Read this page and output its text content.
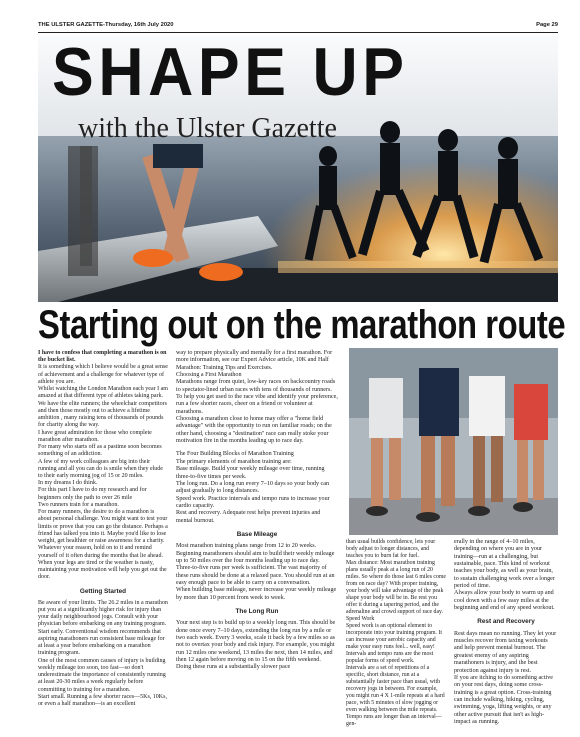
THE ULSTER GAZETTE-Thursday, 16th July 2020	Page 29
SHAPE UP
with the Ulster Gazette
Starting out on the marathon route

I have to confess that completing a marathon is on the bucket list.

It is something which I believe would be a great sense of achievement and a challenge for whatever type of athlete you are.

Whilst watching the London Marathon each year I am amazed at that different type of athletes taking park.

We have the elite runners; the wheelchair competitors and then those mostly out to achieve a lifetime ambition , many raising tens of thousands of pounds for charity along the way.

I have great admiration for those who complete marathon after marathon.

For many who starts off as a pastime soon becomes something of an addiction.

A few of my work colleagues are big into their running and all you can do is smile when they elude to their early morning jog of 15 or 20 miles.

In my dreams I do think.

For this part I have to do my research and for beginners only the path to over 26 mile

Two runners train for a marathon.

For many runners, the desire to do a marathon is about personal challenge. You might want to test your limits or prove that you can go the distance. Perhaps a friend has talked you into it. Maybe you'd like to lose weight, get healthier or raise awareness for a charity.

Whatever your reason, hold on to it and remind yourself of it often during the months that lie ahead. When your legs are tired or the weather is nasty, maintaining your motivation will help you get out the door.

Getting Started

Be aware of your limits. The 26.2 miles in a marathon put you at a significantly higher risk for injury than your daily neighbourhood jogs. Consult with your physician before embarking on any training program.

Start early. Conventional wisdom recommends that aspiring marathoners run consistent base mileage for at least a year before embarking on a marathon training program.

One of the most common causes of injury is building weekly mileage too soon, too fast—so don't underestimate the importance of consistently running at least 20-30 miles a week regularly before committing to training for a marathon.

Start small. Running a few shorter races—5Ks, 10Ks, or even a half marathon—is an excellent

way to prepare physically and mentally for a first marathon. For more information, see our Expert Advice article, 10K and Half Marathon: Training Tips and Exercises.

Choosing a First Marathon

Marathons range from quiet, low-key races on backcountry roads to spectator-lined urban races with tens of thousands of runners. To help you get used to the race vibe and identify your preference, run a few shorter races, cheer on a friend or volunteer at marathons.

Choosing a marathon close to home may offer a "home field advantage" with the opportunity to run on familiar roads; on the other hand, choosing a "destination" race can really stoke your motivation fire in the months leading up to race day.

The Four Building Blocks of Marathon Training

The primary elements of marathon training are:

Base mileage. Build your weekly mileage over time, running three-to-five times per week.

The long run. Do a long run every 7–10 days so your body can adjust gradually to long distances.

Speed work. Practice intervals and tempo runs to increase your cardio capacity.

Rest and recovery. Adequate rest helps prevent injuries and mental burnout.

Base Mileage

Most marathon training plans range from 12 to 20 weeks. Beginning marathoners should aim to build their weekly mileage up to 50 miles over the four months leading up to race day.

Three-to-five runs per week is sufficient. The vast majority of these runs should be done at a relaxed pace. You should run at an easy enough pace to be able to carry on a conversation.

When building base mileage, never increase your weekly mileage by more than 10 percent from week to week.

The Long Run

Your next step is to build up to a weekly long run. This should be done once every 7–10 days, extending the long run by a mile or two each week. Every 3 weeks, scale it back by a few miles so as not to overtax your body and risk injury. For example, you might run 12 miles one weekend, 13 miles the next, then 14 miles, and then 12 again before moving on to 15 on the fifth weekend.

Doing these runs at a substantially slower pace

than usual builds confidence, lets your body adjust to longer distances, and teaches you to burn fat for fuel.

Max distance: Most marathon training plans usually peak at a long run of 20 miles. So where do those last 6 miles come from on race day? With proper training, your body will take advantage of the peak shape your body will be in. Be rest you offer it during a tapering period, and the adrenaline and crowd support of race day.

Speed Work

Speed work is an optional element to incorporate into your training program. It can increase your aerobic capacity and make your easy runs feel... well, easy! Intervals and tempo runs are the most popular forms of speed work.

Intervals are a set of repetitions of a specific, short distance, run at a substantially faster pace than usual, with recovery jogs in between. For example, you might run 4 X 1-mile repeats at a hard pace, with 5 minutes of slow jogging or even walking between the mile repeats.

Tempo runs are longer than an interval—gen-

erally in the range of 4–10 miles, depending on where you are in your training—run at a challenging, but sustainable, pace. This kind of workout teaches your body, as well as your brain, to sustain challenging work over a longer period of time.

Always allow your body to warm up and cool down with a few easy miles at the beginning and end of any speed workout.

Rest and Recovery

Rest days mean no running. They let your muscles recover from taxing workouts and help prevent mental burnout. The greatest enemy of any aspiring marathoners is injury, and the best protection against injury is rest.

If you are itching to do something active on your rest days, doing some cross-training is a great option. Cross-training can include walking, hiking, cycling, swimming, yoga, lifting weights, or any other active pursuit that isn't as high-impact as running.
